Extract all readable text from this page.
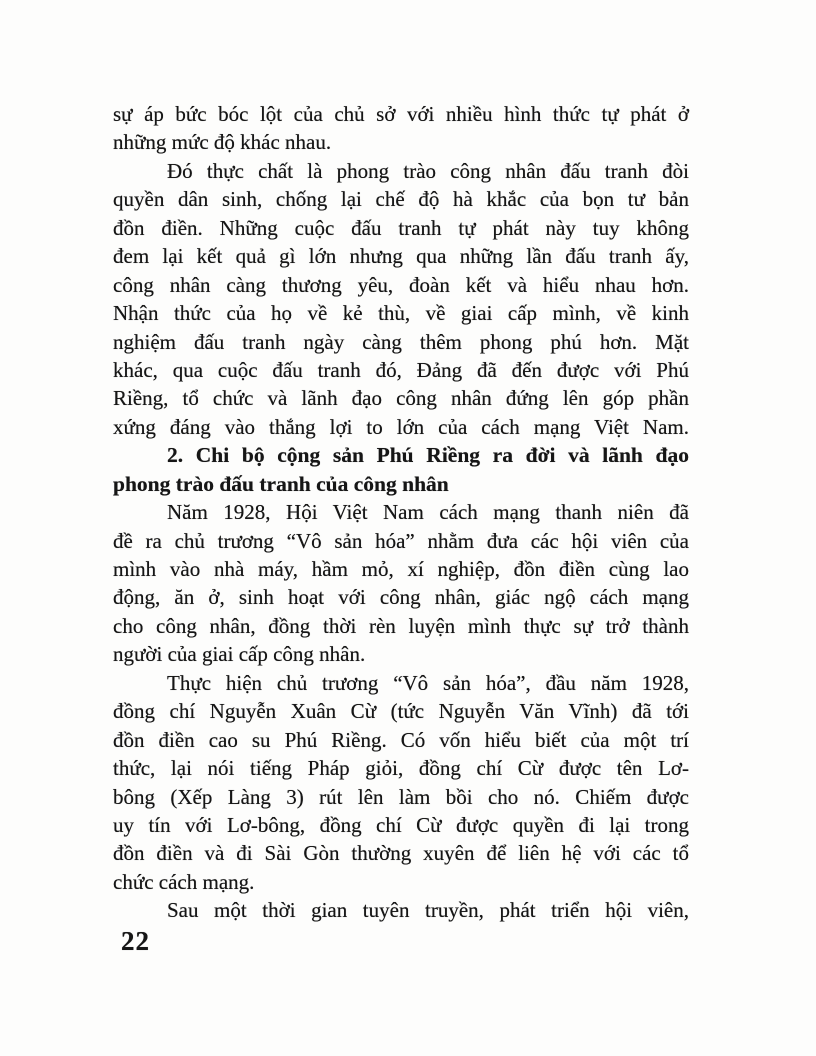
sự áp bức bóc lột của chủ sở với nhiều hình thức tự phát ở
những mức độ khác nhau.
Đó thực chất là phong trào công nhân đấu tranh đòi
quyền dân sinh, chống lại chế độ hà khắc của bọn tư bản
đồn điền. Những cuộc đấu tranh tự phát này tuy không
đem lại kết quả gì lớn nhưng qua những lần đấu tranh ấy,
công nhân càng thương yêu, đoàn kết và hiểu nhau hơn.
Nhận thức của họ về kẻ thù, về giai cấp mình, về kinh
nghiệm đấu tranh ngày càng thêm phong phú hơn. Mặt
khác, qua cuộc đấu tranh đó, Đảng đã đến được với Phú
Riềng, tổ chức và lãnh đạo công nhân đứng lên góp phần
xứng đáng vào thắng lợi to lớn của cách mạng Việt Nam.
2. Chi bộ cộng sản Phú Riềng ra đời và lãnh đạo
phong trào đấu tranh của công nhân
Năm 1928, Hội Việt Nam cách mạng thanh niên đã
đề ra chủ trương “Vô sản hóa” nhằm đưa các hội viên của
mình vào nhà máy, hầm mỏ, xí nghiệp, đồn điền cùng lao
động, ăn ở, sinh hoạt với công nhân, giác ngộ cách mạng
cho công nhân, đồng thời rèn luyện mình thực sự trở thành
người của giai cấp công nhân.
Thực hiện chủ trương “Vô sản hóa”, đầu năm 1928,
đồng chí Nguyễn Xuân Cừ (tức Nguyễn Văn Vĩnh) đã tới
đồn điền cao su Phú Riềng. Có vốn hiểu biết của một trí
thức, lại nói tiếng Pháp giỏi, đồng chí Cừ được tên Lơ-
bông (Xếp Làng 3) rút lên làm bồi cho nó. Chiếm được
uy tín với Lơ-bông, đồng chí Cừ được quyền đi lại trong
đồn điền và đi Sài Gòn thường xuyên để liên hệ với các tổ
chức cách mạng.
Sau một thời gian tuyên truyền, phát triển hội viên,
22
